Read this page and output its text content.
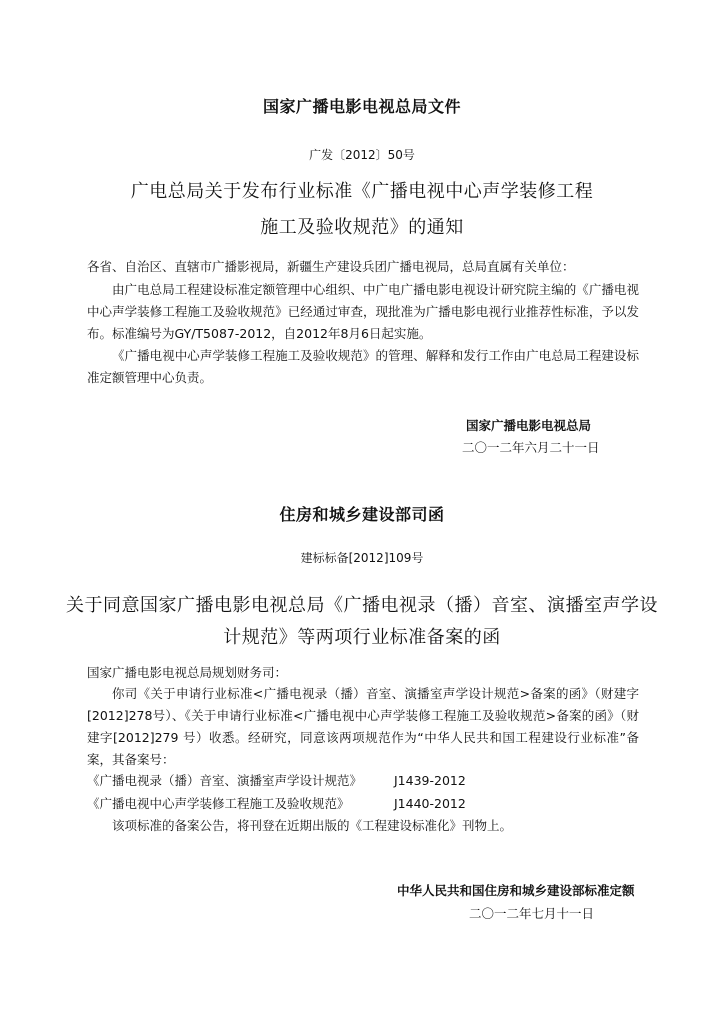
国家广播电影电视总局文件
广发〔2012〕50号
广电总局关于发布行业标准《广播电视中心声学装修工程
施工及验收规范》的通知
各省、自治区、直辖市广播影视局，新疆生产建设兵团广播电视局，总局直属有关单位：
由广电总局工程建设标准定额管理中心组织、中广电广播电影电视设计研究院主编的《广播电视中心声学装修工程施工及验收规范》已经通过审查，现批准为广播电影电视行业推荐性标准，予以发布。标准编号为GY/T5087-2012，自2012年8月6日起实施。
《广播电视中心声学装修工程施工及验收规范》的管理、解释和发行工作由广电总局工程建设标准定额管理中心负责。
国家广播电影电视总局
二〇一二年六月二十一日
住房和城乡建设部司函
建标标备[2012]109号
关于同意国家广播电影电视总局《广播电视录（播）音室、演播室声学设
计规范》等两项行业标准备案的函
国家广播电影电视总局规划财务司：
你司《关于申请行业标准<广播电视录（播）音室、演播室声学设计规范>备案的函》（财建字[2012]278号）、《关于申请行业标准<广播电视中心声学装修工程施工及验收规范>备案的函》（财建字[2012]279 号）收悉。经研究，同意该两项规范作为“中华人民共和国工程建设行业标准”备案，其备案号：
《广播电视录（播）音室、演播室声学设计规范》	J1439-2012
《广播电视中心声学装修工程施工及验收规范》	J1440-2012
该项标准的备案公告，将刊登在近期出版的《工程建设标准化》刊物上。
中华人民共和国住房和城乡建设部标准定额
二〇一二年七月十一日
